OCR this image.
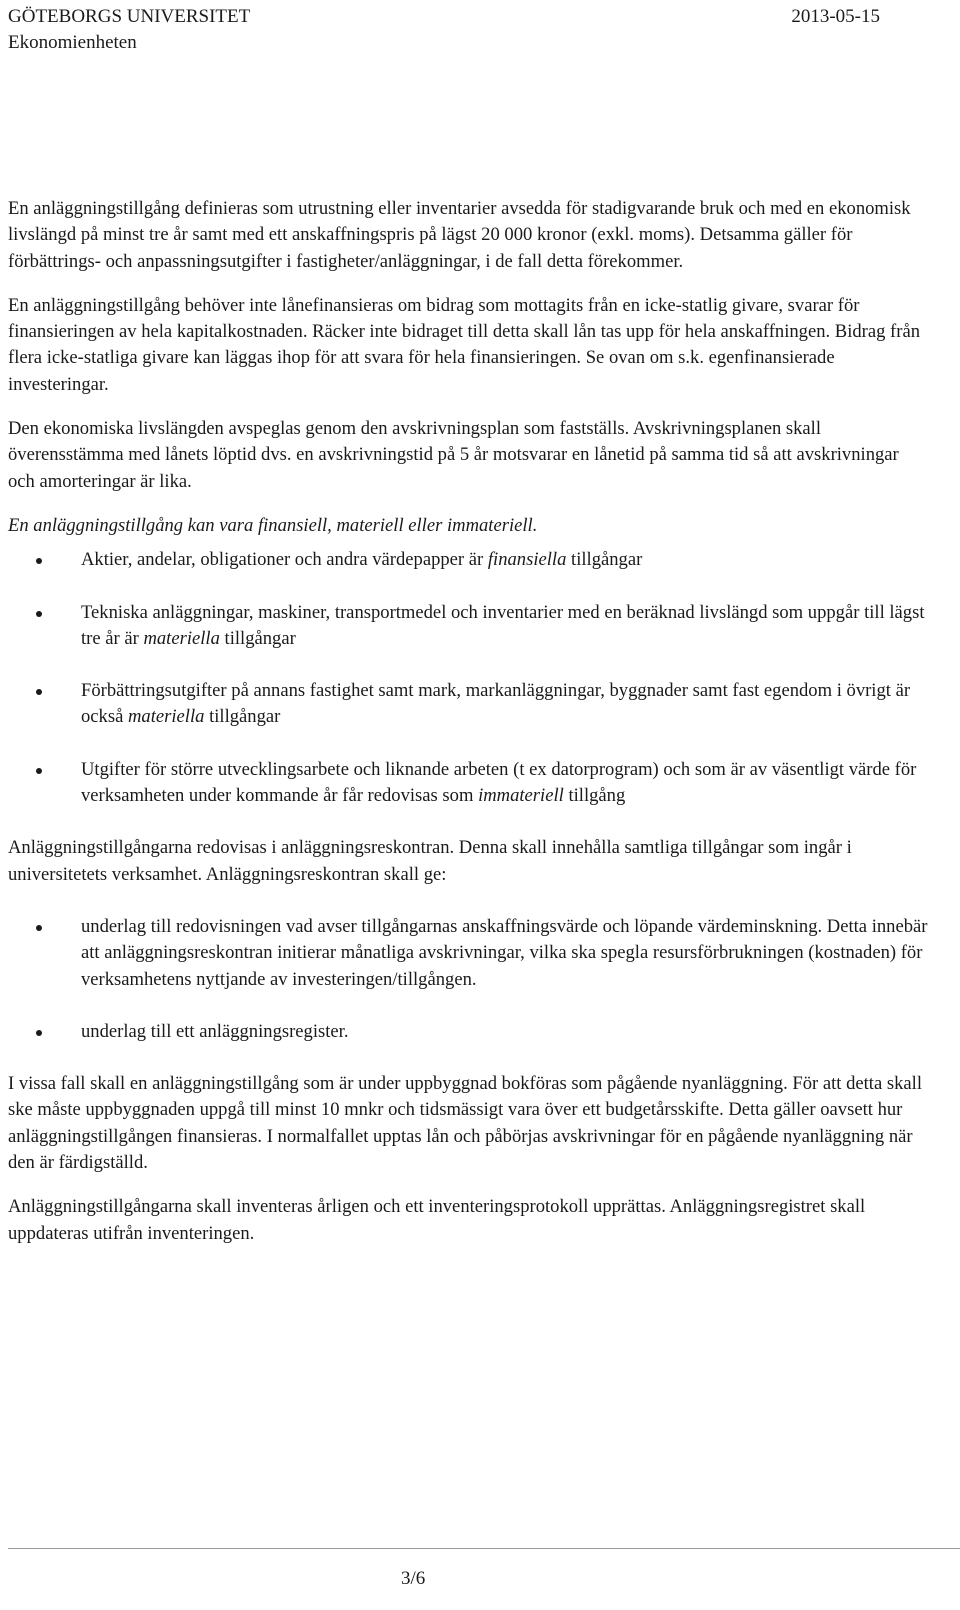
GÖTEBORGS UNIVERSITET
Ekonomienheten
2013-05-15

En anläggningstillgång definieras som utrustning eller inventarier avsedda för stadigvarande bruk och med en ekonomisk livslängd på minst tre år samt med ett anskaffningspris på lägst 20 000 kronor (exkl. moms). Detsamma gäller för förbättrings- och anpassningsutgifter i fastigheter/anläggningar, i de fall detta förekommer.

En anläggningstillgång behöver inte lånefinansieras om bidrag som mottagits från en icke-statlig givare, svarar för finansieringen av hela kapitalkostnaden. Räcker inte bidraget till detta skall lån tas upp för hela anskaffningen. Bidrag från flera icke-statliga givare kan läggas ihop för att svara för hela finansieringen. Se ovan om s.k. egenfinansierade investeringar.

Den ekonomiska livslängden avspeglas genom den avskrivningsplan som fastställs. Avskrivningsplanen skall överensstämma med lånets löptid dvs. en avskrivningstid på 5 år motsvarar en lånetid på samma tid så att avskrivningar och amorteringar är lika.

En anläggningstillgång kan vara finansiell, materiell eller immateriell.

Aktier, andelar, obligationer och andra värdepapper är finansiella tillgångar
Tekniska anläggningar, maskiner, transportmedel och inventarier med en beräknad livslängd som uppgår till lägst tre år är materiella tillgångar
Förbättringsutgifter på annans fastighet samt mark, markanläggningar, byggnader samt fast egendom i övrigt är också materiella tillgångar
Utgifter för större utvecklingsarbete och liknande arbeten (t ex datorprogram) och som är av väsentligt värde för verksamheten under kommande år får redovisas som immateriell tillgång

Anläggningstillgångarna redovisas i anläggningsreskontran. Denna skall innehålla samtliga tillgångar som ingår i universitetets verksamhet. Anläggningsreskontran skall ge:

underlag till redovisningen vad avser tillgångarnas anskaffningsvärde och löpande värdeminskning. Detta innebär att anläggningsreskontran initierar månatliga avskrivningar, vilka ska spegla resursförbrukningen (kostnaden) för verksamhetens nyttjande av investeringen/tillgången.
underlag till ett anläggningsregister.

I vissa fall skall en anläggningstillgång som är under uppbyggnad bokföras som pågående nyanläggning. För att detta skall ske måste uppbyggnaden uppgå till minst 10 mnkr och tidsmässigt vara över ett budgetårsskifte. Detta gäller oavsett hur anläggningstillgången finansieras. I normalfallet upptas lån och påbörjas avskrivningar för en pågående nyanläggning när den är färdigställd.

Anläggningstillgångarna skall inventeras årligen och ett inventeringsprotokoll upprättas. Anläggningsregistret skall uppdateras utifrån inventeringen.

3/6
